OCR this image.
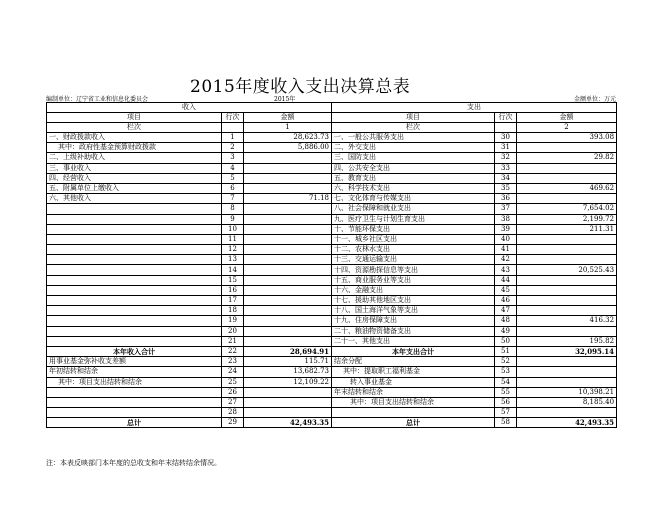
2015年度收入支出决算总表
编制单位：辽宁省工业和信息化委员会	2015年	金额单位：万元
收入			支出		
项目	行次	金额	项目	行次	金额
栏次		1	栏次		2
一、财政拨款收入	1	28,623.73	一、一般公共服务支出	30	393.08
其中：政府性基金预算财政拨款	2	5,886.00	二、外交支出	31	
二、上级补助收入	3		三、国防支出	32	29.82
三、事业收入	4		四、公共安全支出	33	
四、经营收入	5		五、教育支出	34	
五、附属单位上缴收入	6		六、科学技术支出	35	469.62
六、其他收入	7	71.18	七、文化体育与传媒支出	36	
	8		八、社会保障和就业支出	37	7,654.02
	9		九、医疗卫生与计划生育支出	38	2,199.72
	10		十、节能环保支出	39	211.31
	11		十一、城乡社区支出	40	
	12		十二、农林水支出	41	
	13		十三、交通运输支出	42	
	14		十四、资源勘探信息等支出	43	20,525.43
	15		十五、商业服务业等支出	44	
	16		十六、金融支出	45	
	17		十七、援助其他地区支出	46	
	18		十八、国土海洋气象等支出	47	
	19		十九、住房保障支出	48	416.32
	20		二十、粮油物资储备支出	49	
	21		二十一、其他支出	50	195.82
本年收入合计	22	28,694.91	本年支出合计	51	32,095.14
用事业基金弥补收支差额	23	115.71	结余分配	52	
年初结转和结余	24	13,682.73	其中：提取职工福利基金	53	
其中：项目支出结转和结余	25	12,109.22	转入事业基金	54	
	26		年末结转和结余	55	10,398.21
	27		其中：项目支出结转和结余	56	8,185.40
	28			57	
总计	29	42,493.35	总计	58	42,493.35
注：本表反映部门本年度的总收支和年末结转结余情况。
